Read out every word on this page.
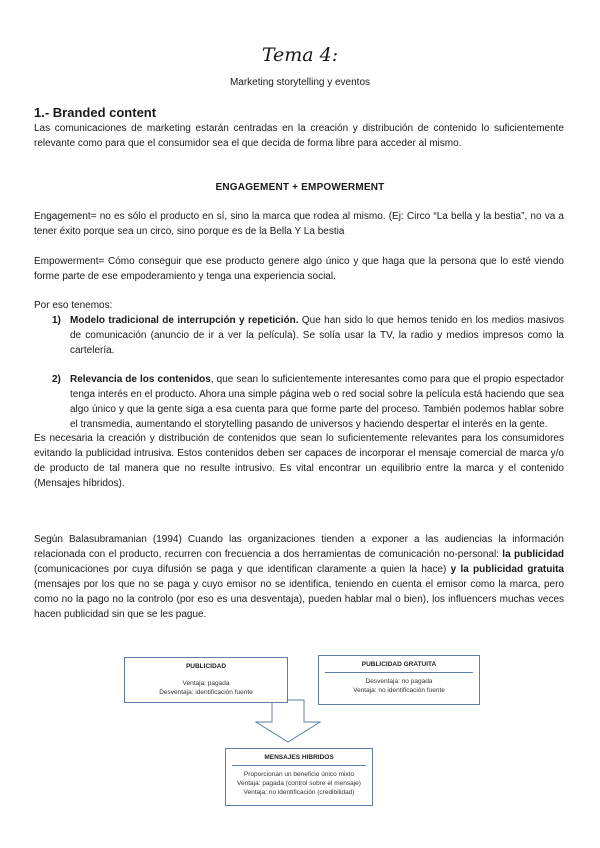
Tema 4:
Marketing storytelling y eventos
1.- Branded content
Las comunicaciones de marketing estarán centradas en la creación y distribución de contenido lo suficientemente relevante como para que el consumidor sea el que decida de forma libre para acceder al mismo.
ENGAGEMENT + EMPOWERMENT
Engagement= no es sólo el producto en sí, sino la marca que rodea al mismo. (Ej: Circo “La bella y la bestia”, no va a tener éxito porque sea un circo, sino porque es de la Bella Y La bestia
Empowerment= Cómo conseguir que ese producto genere algo único y que haga que la persona que lo esté viendo forme parte de ese empoderamiento y tenga una experiencia social.
Por eso tenemos:
1) Modelo tradicional de interrupción y repetición. Que han sido lo que hemos tenido en los medios masivos de comunicación (anuncio de ir a ver la película). Se solía usar la TV, la radio y medios impresos como la cartelería.
2) Relevancia de los contenidos, que sean lo suficientemente interesantes como para que el propio espectador tenga interés en el producto. Ahora una simple página web o red social sobre la película está haciendo que sea algo único y que la gente siga a esa cuenta para que forme parte del proceso. También podemos hablar sobre el transmedia, aumentando el storytelling pasando de universos y haciendo despertar el interés en la gente.
Es necesaria la creación y distribución de contenidos que sean lo suficientemente relevantes para los consumidores evitando la publicidad intrusiva. Estos contenidos deben ser capaces de incorporar el mensaje comercial de marca y/o de producto de tal manera que no resulte intrusivo. Es vital encontrar un equilibrio entre la marca y el contenido (Mensajes híbridos).
Según Balasubramanian (1994) Cuando las organizaciones tienden a exponer a las audiencias la información relacionada con el producto, recurren con frecuencia a dos herramientas de comunicación no-personal: la publicidad (comunicaciones por cuya difusión se paga y que identifican claramente a quien la hace) y la publicidad gratuita (mensajes por los que no se paga y cuyo emisor no se identifica, teniendo en cuenta el emisor como la marca, pero como no la pago no la controlo (por eso es una desventaja), pueden hablar mal o bien), los influencers muchas veces hacen publicidad sin que se les pague.
PUBLICIDAD
Ventaja: pagada
Desventaja: identificación fuente
PUBLICIDAD GRATUITA
Desventaja: no pagada
Ventaja: no identificación fuente
MENSAJES HIBRIDOS
Proporcionan un beneficio único mixto
Ventaja: pagada (control sobre el mensaje)
Ventaja: no identificación (credibilidad)
